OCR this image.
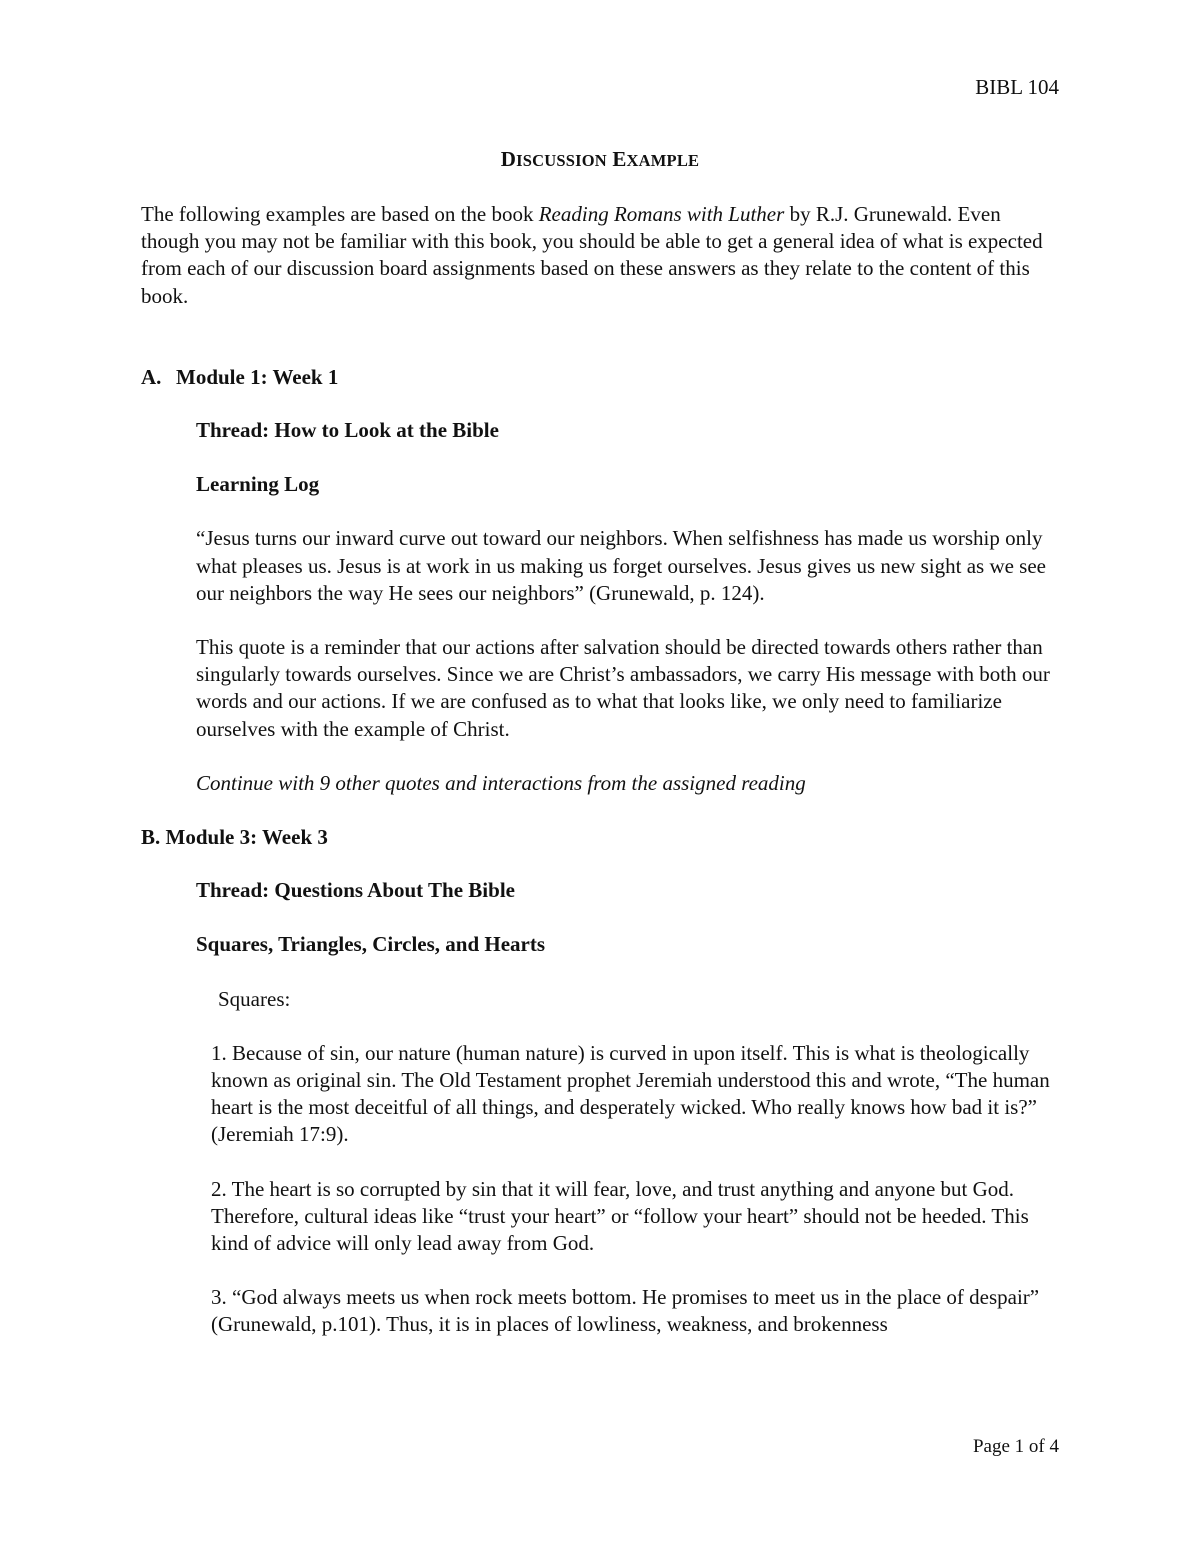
BIBL 104
DISCUSSION EXAMPLE

The following examples are based on the book Reading Romans with Luther by R.J. Grunewald. Even though you may not be familiar with this book, you should be able to get a general idea of what is expected from each of our discussion board assignments based on these answers as they relate to the content of this book.

A. Module 1: Week 1

Thread: How to Look at the Bible

Learning Log

“Jesus turns our inward curve out toward our neighbors. When selfishness has made us worship only what pleases us. Jesus is at work in us making us forget ourselves. Jesus gives us new sight as we see our neighbors the way He sees our neighbors” (Grunewald, p. 124).

This quote is a reminder that our actions after salvation should be directed towards others rather than singularly towards ourselves. Since we are Christ’s ambassadors, we carry His message with both our words and our actions. If we are confused as to what that looks like, we only need to familiarize ourselves with the example of Christ.

Continue with 9 other quotes and interactions from the assigned reading

B. Module 3: Week 3

Thread: Questions About The Bible

Squares, Triangles, Circles, and Hearts

Squares:

1. Because of sin, our nature (human nature) is curved in upon itself. This is what is theologically known as original sin. The Old Testament prophet Jeremiah understood this and wrote, “The human heart is the most deceitful of all things, and desperately wicked. Who really knows how bad it is?” (Jeremiah 17:9).

2. The heart is so corrupted by sin that it will fear, love, and trust anything and anyone but God. Therefore, cultural ideas like “trust your heart” or “follow your heart” should not be heeded. This kind of advice will only lead away from God.

3. “God always meets us when rock meets bottom. He promises to meet us in the place of despair” (Grunewald, p.101). Thus, it is in places of lowliness, weakness, and brokenness

Page 1 of 4
